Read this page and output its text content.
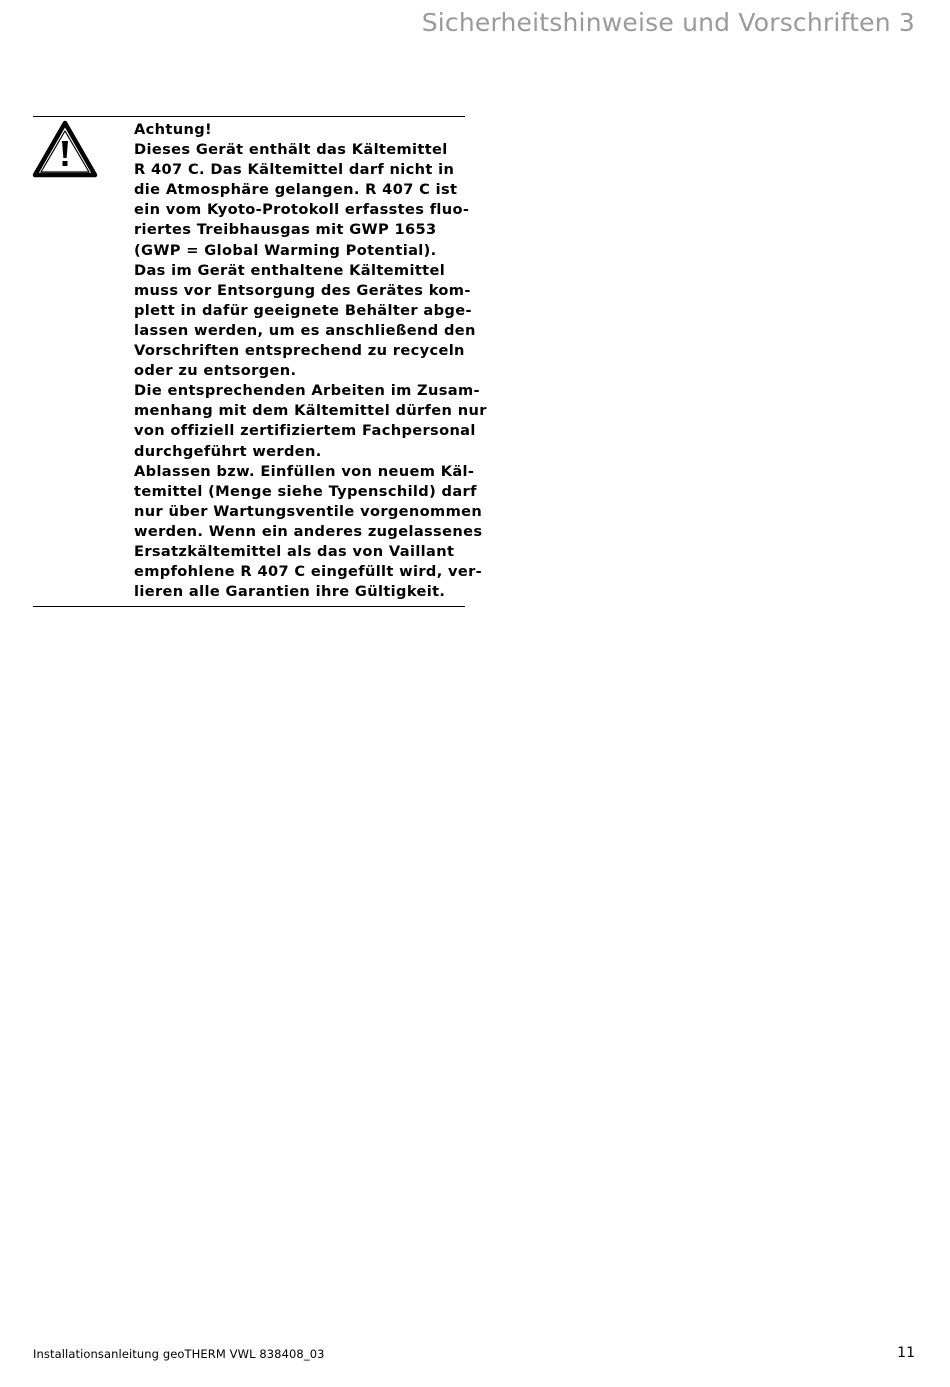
Sicherheitshinweise und Vorschriften 3
Achtung!
Dieses Gerät enthält das Kältemittel
R 407 C. Das Kältemittel darf nicht in
die Atmosphäre gelangen. R 407 C ist
ein vom Kyoto-Protokoll erfasstes fluo-
riertes Treibhausgas mit GWP 1653
(GWP = Global Warming Potential).
Das im Gerät enthaltene Kältemittel
muss vor Entsorgung des Gerätes kom-
plett in dafür geeignete Behälter abge-
lassen werden, um es anschließend den
Vorschriften entsprechend zu recyceln
oder zu entsorgen.
Die entsprechenden Arbeiten im Zusam-
menhang mit dem Kältemittel dürfen nur
von offiziell zertifiziertem Fachpersonal
durchgeführt werden.
Ablassen bzw. Einfüllen von neuem Käl-
temittel (Menge siehe Typenschild) darf
nur über Wartungsventile vorgenommen
werden. Wenn ein anderes zugelassenes
Ersatzkältemittel als das von Vaillant
empfohlene R 407 C eingefüllt wird, ver-
lieren alle Garantien ihre Gültigkeit.
Installationsanleitung geoTHERM VWL 838408_03	11
